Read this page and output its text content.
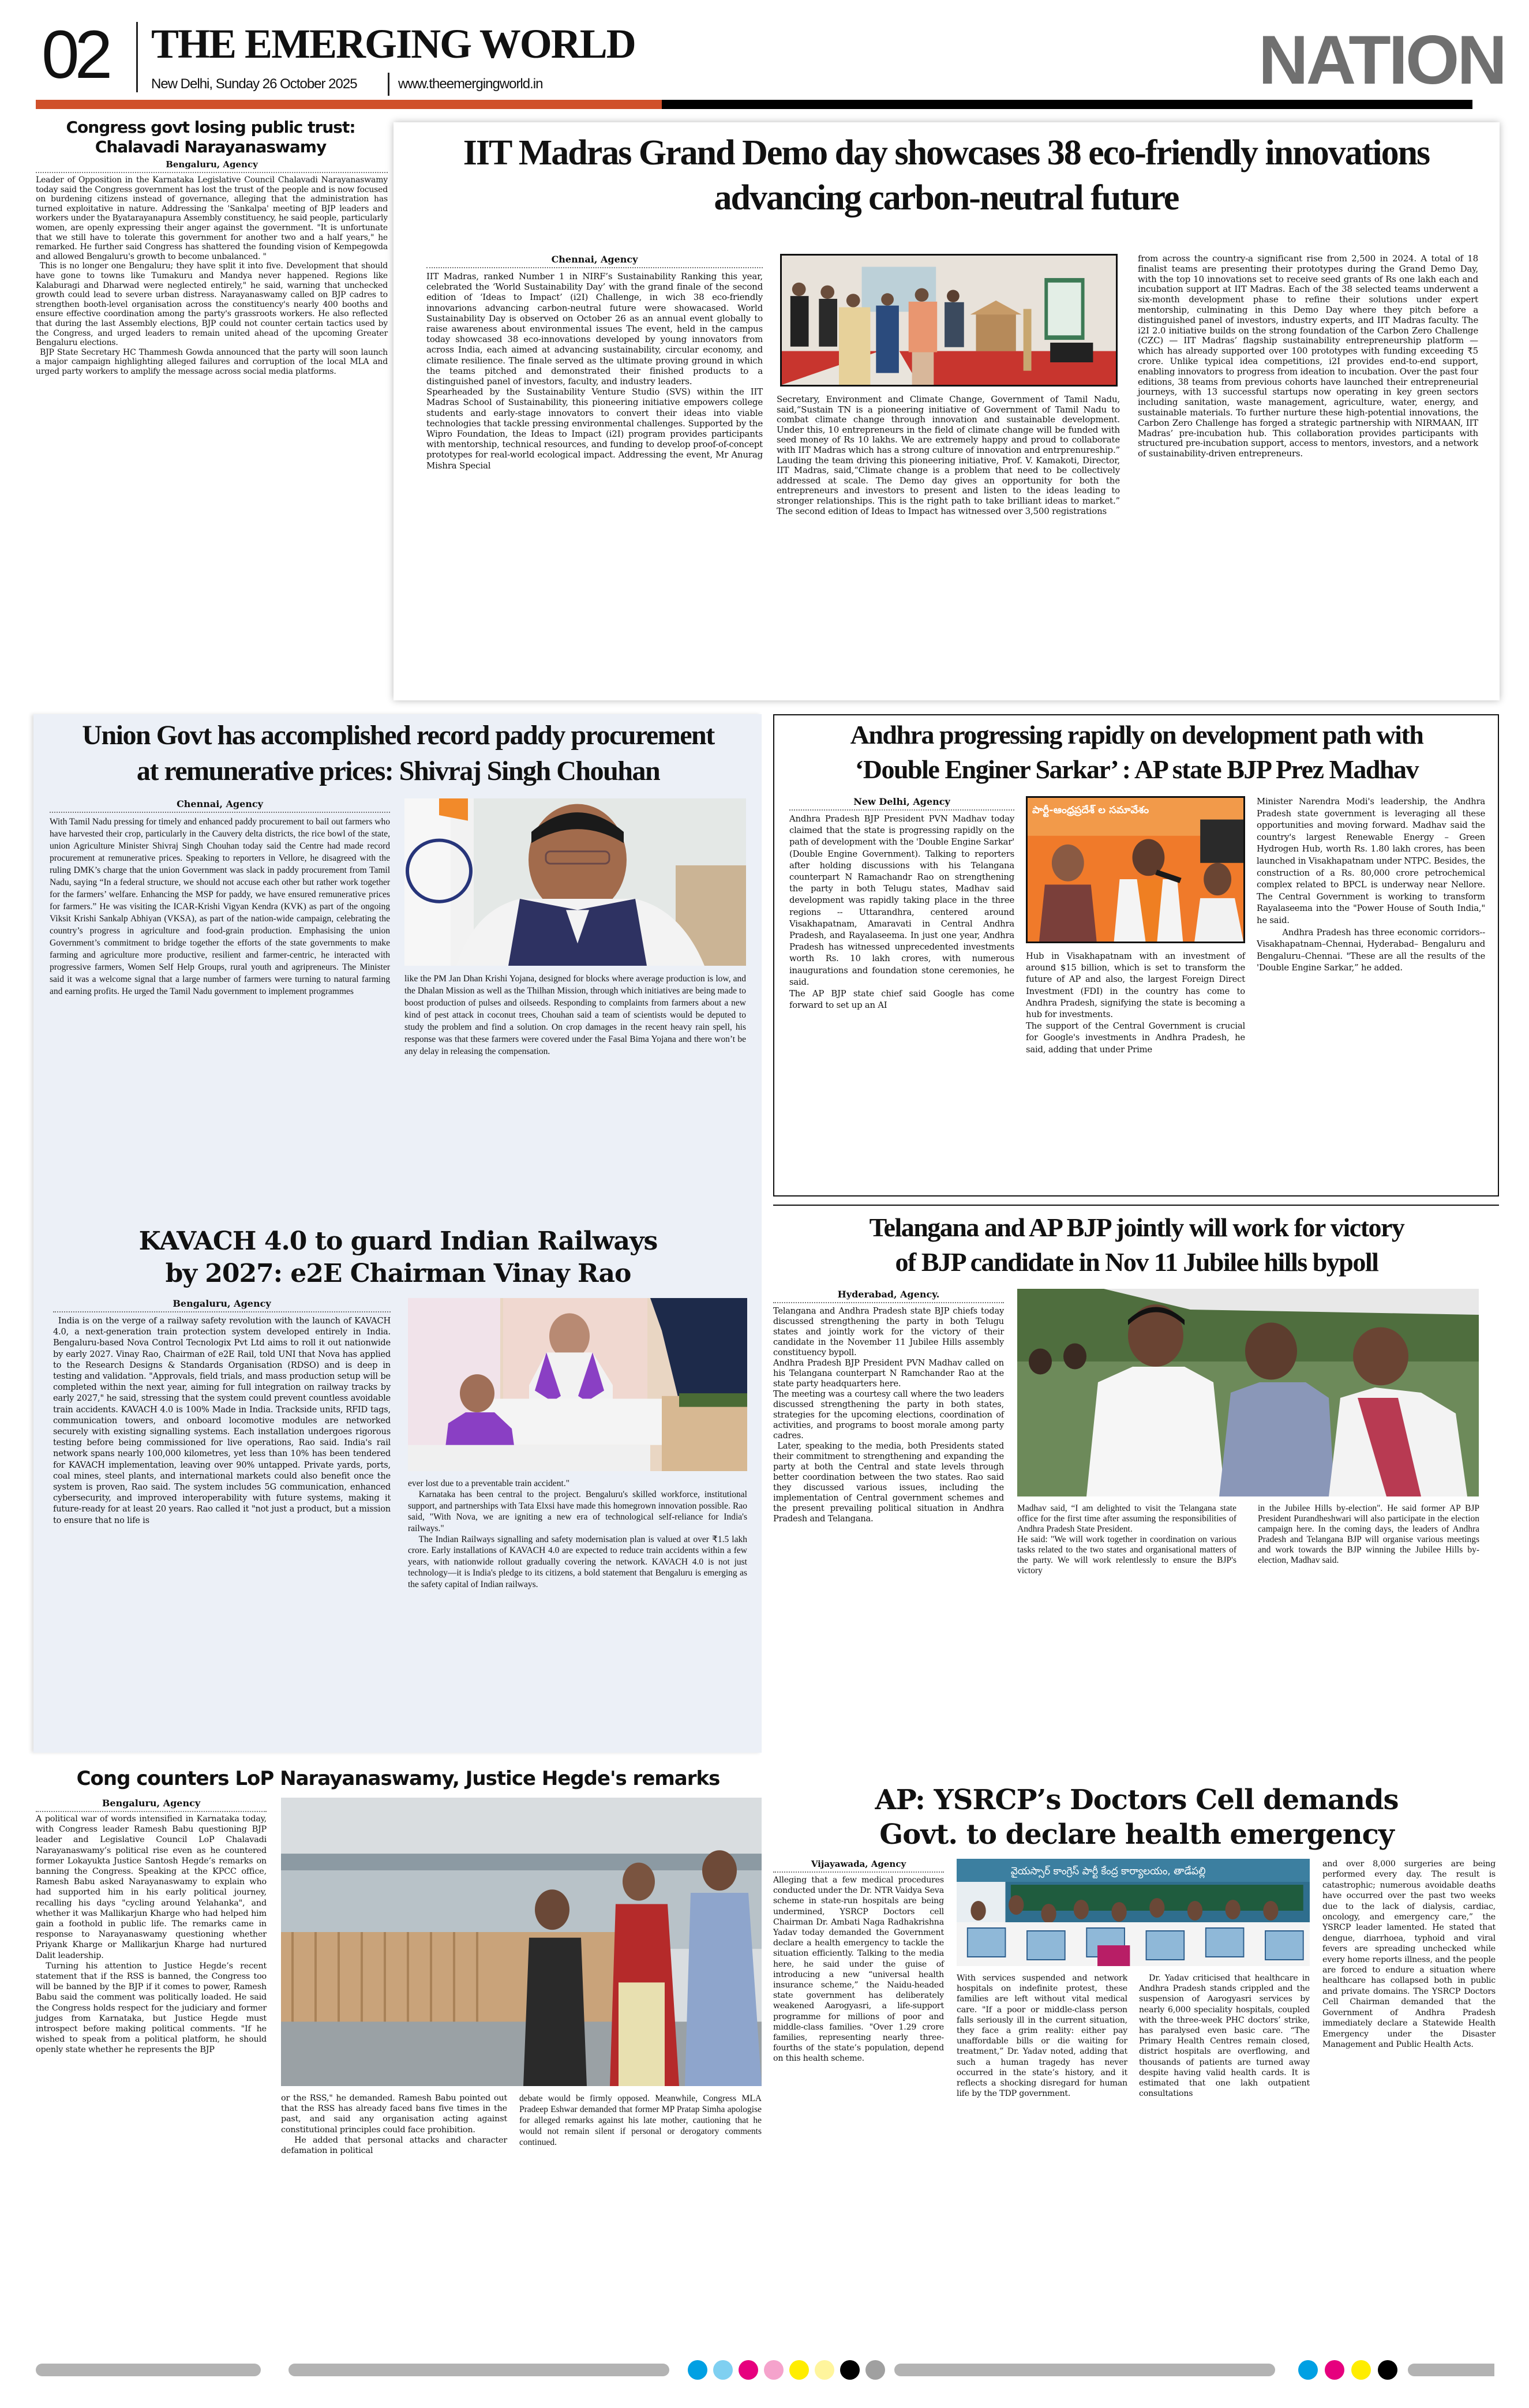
02 THE EMERGING WORLD
New Delhi, Sunday 26 October 2025	www.theemergingworld.in	NATION
Congress govt losing public trust: Chalavadi Narayanaswamy
Bengaluru, Agency

Leader of Opposition in the Karnataka Legislative Council Chalavadi Narayanaswamy today said the Congress government has lost the trust of the people and is now focused on burdening citizens instead of governance, alleging that the administration has turned exploitative in nature. Addressing the 'Sankalpa' meeting of BJP leaders and workers under the Byatarayanapura Assembly constituency, he said people, particularly women, are openly expressing their anger against the government. "It is unfortunate that we still have to tolerate this government for another two and a half years," he remarked. He further said Congress has shattered the founding vision of Kempegowda and allowed Bengaluru's growth to become unbalanced. "

This is no longer one Bengaluru; they have split it into five. Development that should have gone to towns like Tumakuru and Mandya never happened. Regions like Kalaburagi and Dharwad were neglected entirely," he said, warning that unchecked growth could lead to severe urban distress. Narayanaswamy called on BJP cadres to strengthen booth-level organisation across the constituency's nearly 400 booths and ensure effective coordination among the party's grassroots workers. He also reflected that during the last Assembly elections, BJP could not counter certain tactics used by the Congress, and urged leaders to remain united ahead of the upcoming Greater Bengaluru elections.

BJP State Secretary HC Thammesh Gowda announced that the party will soon launch a major campaign highlighting alleged failures and corruption of the local MLA and urged party workers to amplify the message across social media platforms.

IIT Madras Grand Demo day showcases 38 eco-friendly innovations advancing carbon-neutral future
Chennai, Agency

IIT Madras, ranked Number 1 in NIRF’s Sustainability Ranking this year, celebrated the ‘World Sustainability Day’ with the grand finale of the second edition of ‘Ideas to Impact’ (i2I) Challenge, in wich 38 eco-friendly innovarions advancing carbon-neutral future were showacased. World Sustainability Day is observed on October 26 as an annual event globally to raise awareness about environmental issues The event, held in the campus today showcased 38 eco-innovations developed by young innovators from across India, each aimed at advancing sustainability, circular economy, and climate resilience. The finale served as the ultimate proving ground in which the teams pitched and demonstrated their finished products to a distinguished panel of investors, faculty, and industry leaders.

Spearheaded by the Sustainability Venture Studio (SVS) within the IIT Madras School of Sustainability, this pioneering initiative empowers college students and early-stage innovators to convert their ideas into viable technologies that tackle pressing environmental challenges. Supported by the Wipro Foundation, the Ideas to Impact (i2I) program provides participants with mentorship, technical resources, and funding to develop proof-of-concept prototypes for real-world ecological impact. Addressing the event, Mr Anurag Mishra Special

Secretary, Environment and Climate Change, Government of Tamil Nadu, said,“Sustain TN is a pioneering initiative of Government of Tamil Nadu to combat climate change through innovation and sustainable development. Under this, 10 entrepreneurs in the field of climate change will be funded with seed money of Rs 10 lakhs. We are extremely happy and proud to collaborate with IIT Madras which has a strong culture of innovation and entrprenureship.” Lauding the team driving this pioneering initiative, Prof. V. Kamakoti, Director, IIT Madras, said,“Climate change is a problem that need to be collectively addressed at scale. The Demo day gives an opportunity for both the entrepreneurs and investors to present and listen to the ideas leading to stronger relationships. This is the right path to take brilliant ideas to market.” The second edition of Ideas to Impact has witnessed over 3,500 registrations
from across the country-a significant rise from 2,500 in 2024. A total of 18 finalist teams are presenting their prototypes during the Grand Demo Day, with the top 10 innovations set to receive seed grants of Rs one lakh each and incubation support at IIT Madras. Each of the 38 selected teams underwent a six-month development phase to refine their solutions under expert mentorship, culminating in this Demo Day where they pitch before a distinguished panel of investors, industry experts, and IIT Madras faculty. The i2I 2.0 initiative builds on the strong foundation of the Carbon Zero Challenge (CZC) — IIT Madras’ flagship sustainability entrepreneurship platform — which has already supported over 100 prototypes with funding exceeding ₹5 crore. Unlike typical idea competitions, i2I provides end-to-end support, enabling innovators to progress from ideation to incubation. Over the past four editions, 38 teams from previous cohorts have launched their entrepreneurial journeys, with 13 successful startups now operating in key green sectors including sanitation, waste management, agriculture, water, energy, and sustainable materials. To further nurture these high-potential innovations, the Carbon Zero Challenge has forged a strategic partnership with NIRMAAN, IIT Madras’ pre-incubation hub. This collaboration provides participants with structured pre-incubation support, access to mentors, investors, and a network of sustainability-driven entrepreneurs.
Union Govt has accomplished record paddy procurement
at remunerative prices: Shivraj Singh Chouhan
Chennai, Agency
With Tamil Nadu pressing for timely and enhanced paddy procurement to bail out farmers who have harvested their crop, particularly in the Cauvery delta districts, the rice bowl of the state, union Agriculture Minister Shivraj Singh Chouhan today said the Centre had made record procurement at remunerative prices. Speaking to reporters in Vellore, he disagreed with the ruling DMK’s charge that the union Government was slack in paddy procurement from Tamil Nadu, saying “In a federal structure, we should not accuse each other but rather work together for the farmers’ welfare. Enhancing the MSP for paddy, we have ensured remunerative prices for farmers.” He was visiting the ICAR-Krishi Vigyan Kendra (KVK) as part of the ongoing Viksit Krishi Sankalp Abhiyan (VKSA), as part of the nation-wide campaign, celebrating the country’s progress in agriculture and food-grain production. Emphasising the union Government’s commitment to bridge together the efforts of the state governments to make farming and agriculture more productive, resilient and farmer-centric, he interacted with progressive farmers, Women Self Help Groups, rural youth and agripreneurs. The Minister said it was a welcome signal that a large number of farmers were turning to natural farming and earning profits. He urged the Tamil Nadu government to implement programmes
like the PM Jan Dhan Krishi Yojana, designed for blocks where average production is low, and the Dhalan Mission as well as the Thilhan Mission, through which initiatives are being made to boost production of pulses and oilseeds. Responding to complaints from farmers about a new kind of pest attack in coconut trees, Chouhan said a team of scientists would be deputed to study the problem and find a solution. On crop damages in the recent heavy rain spell, his response was that these farmers were covered under the Fasal Bima Yojana and there won’t be any delay in releasing the compensation.
KAVACH 4.0 to guard Indian Railways
by 2027: e2E Chairman Vinay Rao
Bengaluru, Agency
India is on the verge of a railway safety revolution with the launch of KAVACH 4.0, a next-generation train protection system developed entirely in India. Bengaluru-based Nova Control Tecnologix Pvt Ltd aims to roll it out nationwide by early 2027. Vinay Rao, Chairman of e2E Rail, told UNI that Nova has applied to the Research Designs & Standards Organisation (RDSO) and is deep in testing and validation. "Approvals, field trials, and mass production setup will be completed within the next year, aiming for full integration on railway tracks by early 2027," he said, stressing that the system could prevent countless avoidable train accidents. KAVACH 4.0 is 100% Made in India. Trackside units, RFID tags, communication towers, and onboard locomotive modules are networked securely with existing signalling systems. Each installation undergoes rigorous testing before being commissioned for live operations, Rao said. India's rail network spans nearly 100,000 kilometres, yet less than 10% has been tendered for KAVACH implementation, leaving over 90% untapped. Private yards, ports, coal mines, steel plants, and international markets could also benefit once the system is proven, Rao said. The system includes 5G communication, enhanced cybersecurity, and improved interoperability with future systems, making it future-ready for at least 20 years. Rao called it "not just a product, but a mission to ensure that no life is

ever lost due to a preventable train accident."

Karnataka has been central to the project. Bengaluru's skilled workforce, institutional support, and partnerships with Tata Elxsi have made this homegrown innovation possible. Rao said, "With Nova, we are igniting a new era of technological self-reliance for India's railways."

The Indian Railways signalling and safety modernisation plan is valued at over ₹1.5 lakh crore. Early installations of KAVACH 4.0 are expected to reduce train accidents within a few years, with nationwide rollout gradually covering the network. KAVACH 4.0 is not just technology—it is India's pledge to its citizens, a bold statement that Bengaluru is emerging as the safety capital of Indian railways.

Andhra progressing rapidly on development path with
‘Double Enginer Sarkar’ : AP state BJP Prez Madhav
New Delhi, Agency

Andhra Pradesh BJP President PVN Madhav today claimed that the state is progressing rapidly on the path of development with the 'Double Engine Sarkar' (Double Engine Government). Talking to reporters after holding discussions with his Telangana counterpart N Ramachandr Rao on strengthening the party in both Telugu states, Madhav said development was rapidly taking place in the three regions -- Uttarandhra, centered around Visakhapatnam, Amaravati in Central Andhra Pradesh, and Rayalaseema. In just one year, Andhra Pradesh has witnessed unprecedented investments worth Rs. 10 lakh crores, with numerous inaugurations and foundation stone ceremonies, he said.

The AP BJP state chief said Google has come forward to set up an AI

పార్టీ-ఆంధ్రప్రదేశ్ ల సమావేశం

Hub in Visakhapatnam with an investment of around $15 billion, which is set to transform the future of AP and also, the largest Foreign Direct Investment (FDI) in the country has come to Andhra Pradesh, signifying the state is becoming a hub for investments.

The support of the Central Government is crucial for Google's investments in Andhra Pradesh, he said, adding that under Prime

Minister Narendra Modi's leadership, the Andhra Pradesh state government is leveraging all these opportunities and moving forward. Madhav said the country's largest Renewable Energy – Green Hydrogen Hub, worth Rs. 1.80 lakh crores, has been launched in Visakhapatnam under NTPC. Besides, the construction of a Rs. 80,000 crore petrochemical complex related to BPCL is underway near Nellore. The Central Government is working to transform Rayalaseema into the "Power House of South India," he said.

Andhra Pradesh has three economic corridors--Visakhapatnam–Chennai, Hyderabad– Bengaluru and Bengaluru–Chennai. "These are all the results of the 'Double Engine Sarkar,” he added.

Telangana and AP BJP jointly will work for victory
of BJP candidate in Nov 11 Jubilee hills bypoll
Hyderabad, Agency.

Telangana and Andhra Pradesh state BJP chiefs today discussed strengthening the party in both Telugu states and jointly work for the victory of their candidate in the November 11 Jubilee Hills assembly constituency bypoll.

Andhra Pradesh BJP President PVN Madhav called on his Telangana counterpart N Ramchander Rao at the state party headquarters here.

The meeting was a courtesy call where the two leaders discussed strengthening the party in both states, strategies for the upcoming elections, coordination of activities, and programs to boost morale among party cadres.

Later, speaking to the media, both Presidents stated their commitment to strengthening and expanding the party at both the Central and state levels through better coordination between the two states. Rao said they discussed various issues, including the implementation of Central government schemes and the present prevailing political situation in Andhra Pradesh and Telangana.

Madhav said, “I am delighted to visit the Telangana state office for the first time after assuming the responsibilities of Andhra Pradesh State President.

He said: "We will work together in coordination on various tasks related to the two states and organisational matters of the party. We will work relentlessly to ensure the BJP's victory

in the Jubilee Hills by-election". He said former AP BJP President Purandheshwari will also participate in the election campaign here. In the coming days, the leaders of Andhra Pradesh and Telangana BJP will organise various meetings and work towards the BJP winning the Jubilee Hills by-election, Madhav said.
Cong counters LoP Narayanaswamy, Justice Hegde's remarks
Bengaluru, Agency

A political war of words intensified in Karnataka today, with Congress leader Ramesh Babu questioning BJP leader and Legislative Council LoP Chalavadi Narayanaswamy’s political rise even as he countered former Lokayukta Justice Santosh Hegde’s remarks on banning the Congress. Speaking at the KPCC office, Ramesh Babu asked Narayanaswamy to explain who had supported him in his early political journey, recalling his days "cycling around Yelahanka", and whether it was Mallikarjun Kharge who had helped him gain a foothold in public life. The remarks came in response to Narayanaswamy questioning whether Priyank Kharge or Mallikarjun Kharge had nurtured Dalit leadership.

Turning his attention to Justice Hegde’s recent statement that if the RSS is banned, the Congress too will be banned by the BJP if it comes to power, Ramesh Babu said the comment was politically loaded. He said the Congress holds respect for the judiciary and former judges from Karnataka, but Justice Hegde must introspect before making political comments. "If he wished to speak from a political platform, he should openly state whether he represents the BJP

or the RSS," he demanded. Ramesh Babu pointed out that the RSS has already faced bans five times in the past, and said any organisation acting against constitutional principles could face prohibition.

He added that personal attacks and character defamation in political

debate would be firmly opposed. Meanwhile, Congress MLA Pradeep Eshwar demanded that former MP Pratap Simha apologise for alleged remarks against his late mother, cautioning that he would not remain silent if personal or derogatory comments continued.
AP: YSRCP’s Doctors Cell demands
Govt. to declare health emergency
Vijayawada, Agency
Alleging that a few medical procedures conducted under the Dr. NTR Vaidya Seva scheme in state-run hospitals are being undermined, YSRCP Doctors cell Chairman Dr. Ambati Naga Radhakrishna Yadav today demanded the Government declare a health emergency to tackle the situation efficiently. Talking to the media here, he said under the guise of introducing a new “universal health insurance scheme,” the Naidu-headed state government has deliberately weakened Aarogyasri, a life-support programme for millions of poor and middle-class families. "Over 1.29 crore families, representing nearly three-fourths of the state’s population, depend on this health scheme.
వైయస్సార్ కాంగ్రెస్ పార్టీ కేంద్ర కార్యాలయం, తాడేపల్లి
With services suspended and network hospitals on indefinite protest, these families are left without vital medical care. "If a poor or middle-class person falls seriously ill in the current situation, they face a grim reality: either pay unaffordable bills or die waiting for treatment,” Dr. Yadav noted, adding that such a human tragedy has never occurred in the state’s history, and it reflects a shocking disregard for human life by the TDP government.
Dr. Yadav criticised that healthcare in Andhra Pradesh stands crippled and the suspension of Aarogyasri services by nearly 6,000 speciality hospitals, coupled with the three-week PHC doctors’ strike, has paralysed even basic care. “The Primary Health Centres remain closed, district hospitals are overflowing, and thousands of patients are turned away despite having valid health cards. It is estimated that one lakh outpatient consultations
and over 8,000 surgeries are being performed every day. The result is catastrophic; numerous avoidable deaths have occurred over the past two weeks due to the lack of dialysis, cardiac, oncology, and emergency care,” the YSRCP leader lamented. He stated that dengue, diarrhoea, typhoid and viral fevers are spreading unchecked while every home reports illness, and the people are forced to endure a situation where healthcare has collapsed both in public and private domains. The YSRCP Doctors Cell Chairman demanded that the Government of Andhra Pradesh immediately declare a Statewide Health Emergency under the Disaster Management and Public Health Acts.
